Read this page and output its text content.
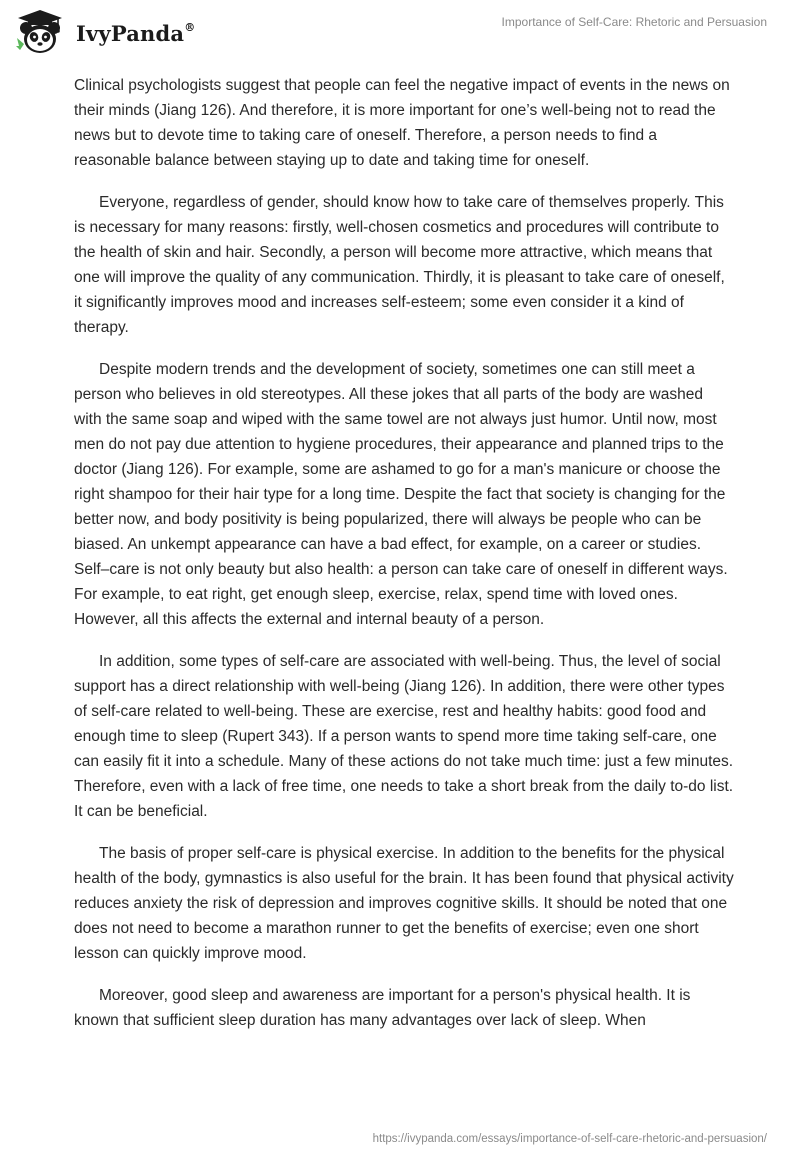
IvyPanda®	Importance of Self-Care: Rhetoric and Persuasion

Clinical psychologists suggest that people can feel the negative impact of events in the news on their minds (Jiang 126). And therefore, it is more important for one’s well-being not to read the news but to devote time to taking care of oneself. Therefore, a person needs to find a reasonable balance between staying up to date and taking time for oneself.

Everyone, regardless of gender, should know how to take care of themselves properly. This is necessary for many reasons: firstly, well-chosen cosmetics and procedures will contribute to the health of skin and hair. Secondly, a person will become more attractive, which means that one will improve the quality of any communication. Thirdly, it is pleasant to take care of oneself, it significantly improves mood and increases self-esteem; some even consider it a kind of therapy.

Despite modern trends and the development of society, sometimes one can still meet a person who believes in old stereotypes. All these jokes that all parts of the body are washed with the same soap and wiped with the same towel are not always just humor. Until now, most men do not pay due attention to hygiene procedures, their appearance and planned trips to the doctor (Jiang 126). For example, some are ashamed to go for a man's manicure or choose the right shampoo for their hair type for a long time. Despite the fact that society is changing for the better now, and body positivity is being popularized, there will always be people who can be biased. An unkempt appearance can have a bad effect, for example, on a career or studies. Self–care is not only beauty but also health: a person can take care of oneself in different ways. For example, to eat right, get enough sleep, exercise, relax, spend time with loved ones. However, all this affects the external and internal beauty of a person.

In addition, some types of self-care are associated with well-being. Thus, the level of social support has a direct relationship with well-being (Jiang 126). In addition, there were other types of self-care related to well-being. These are exercise, rest and healthy habits: good food and enough time to sleep (Rupert 343). If a person wants to spend more time taking self-care, one can easily fit it into a schedule. Many of these actions do not take much time: just a few minutes. Therefore, even with a lack of free time, one needs to take a short break from the daily to-do list. It can be beneficial.

The basis of proper self-care is physical exercise. In addition to the benefits for the physical health of the body, gymnastics is also useful for the brain. It has been found that physical activity reduces anxiety the risk of depression and improves cognitive skills. It should be noted that one does not need to become a marathon runner to get the benefits of exercise; even one short lesson can quickly improve mood.

Moreover, good sleep and awareness are important for a person's physical health. It is known that sufficient sleep duration has many advantages over lack of sleep. When

https://ivypanda.com/essays/importance-of-self-care-rhetoric-and-persuasion/
